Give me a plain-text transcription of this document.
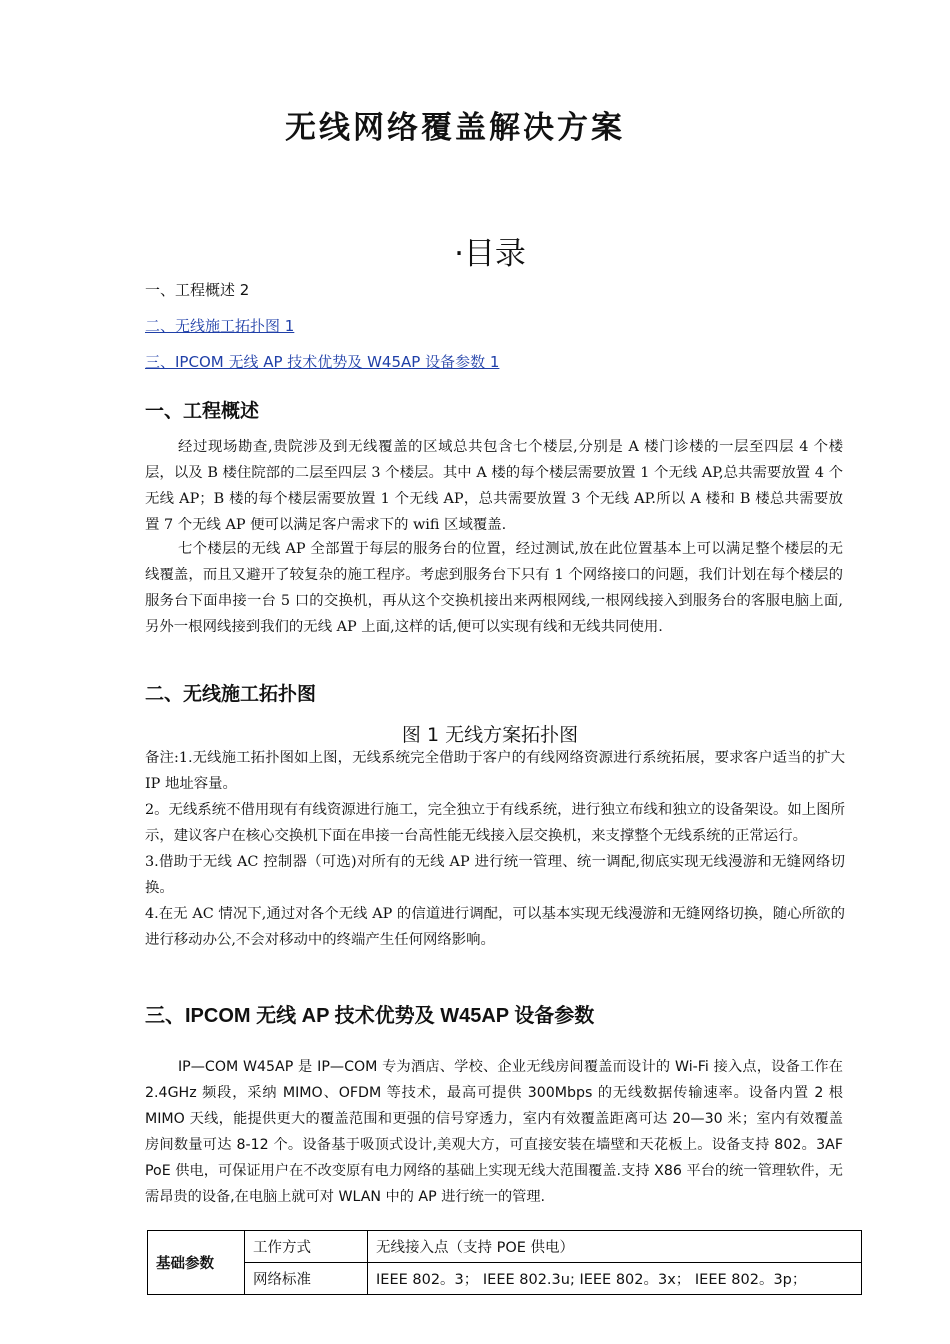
无线网络覆盖解决方案
·目录
一、工程概述 2
二、无线施工拓扑图 1
三、IPCOM 无线 AP 技术优势及 W45AP 设备参数 1
一、工程概述
经过现场勘查,贵院涉及到无线覆盖的区域总共包含七个楼层,分别是 A 楼门诊楼的一层至四层 4 个楼层，以及 B 楼住院部的二层至四层 3 个楼层。其中 A 楼的每个楼层需要放置 1 个无线 AP,总共需要放置 4 个无线 AP；B 楼的每个楼层需要放置 1 个无线 AP，总共需要放置 3 个无线 AP.所以 A 楼和 B 楼总共需要放置 7 个无线 AP 便可以满足客户需求下的 wifi 区域覆盖.
七个楼层的无线 AP 全部置于每层的服务台的位置，经过测试,放在此位置基本上可以满足整个楼层的无线覆盖，而且又避开了较复杂的施工程序。考虑到服务台下只有 1 个网络接口的问题，我们计划在每个楼层的服务台下面串接一台 5 口的交换机，再从这个交换机接出来两根网线,一根网线接入到服务台的客服电脑上面,另外一根网线接到我们的无线 AP 上面,这样的话,便可以实现有线和无线共同使用.
二、无线施工拓扑图
图 1 无线方案拓扑图

备注:1.无线施工拓扑图如上图，无线系统完全借助于客户的有线网络资源进行系统拓展，要求客户适当的扩大 IP 地址容量。

2。无线系统不借用现有有线资源进行施工，完全独立于有线系统，进行独立布线和独立的设备架设。如上图所示，建议客户在核心交换机下面在串接一台高性能无线接入层交换机，来支撑整个无线系统的正常运行。

3.借助于无线 AC 控制器（可选)对所有的无线 AP 进行统一管理、统一调配,彻底实现无线漫游和无缝网络切换。

4.在无 AC 情况下,通过对各个无线 AP 的信道进行调配，可以基本实现无线漫游和无缝网络切换，随心所欲的进行移动办公,不会对移动中的终端产生任何网络影响。

三、IPCOM 无线 AP 技术优势及 W45AP 设备参数
IP—COM W45AP 是 IP—COM 专为酒店、学校、企业无线房间覆盖而设计的 Wi-Fi 接入点，设备工作在 2.4GHz 频段，采纳 MIMO、OFDM 等技术，最高可提供 300Mbps 的无线数据传输速率。设备内置 2 根 MIMO 天线，能提供更大的覆盖范围和更强的信号穿透力，室内有效覆盖距离可达 20—30 米；室内有效覆盖房间数量可达 8-12 个。设备基于吸顶式设计,美观大方，可直接安装在墙壁和天花板上。设备支持 802。3AF PoE 供电，可保证用户在不改变原有电力网络的基础上实现无线大范围覆盖.支持 X86 平台的统一管理软件，无需昂贵的设备,在电脑上就可对 WLAN 中的 AP 进行统一的管理.
基础参数	工作方式	无线接入点（支持 POE 供电）
	网络标准	IEEE 802。3； IEEE 802.3u; IEEE 802。3x； IEEE 802。3p；
